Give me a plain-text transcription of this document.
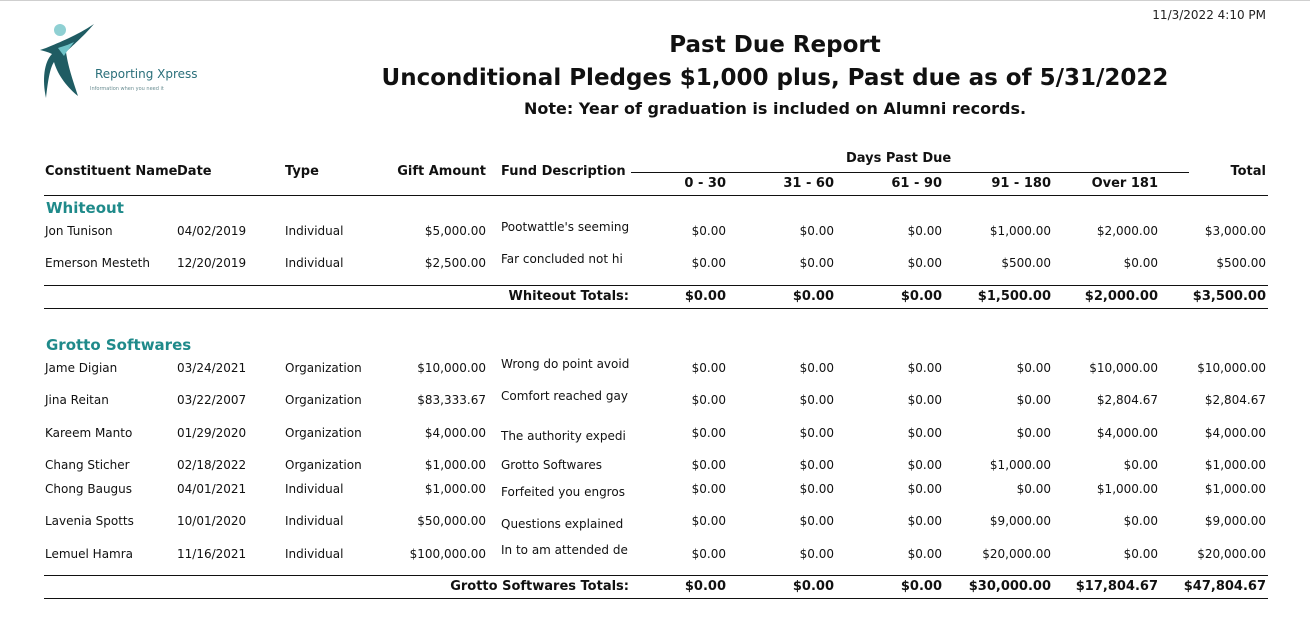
11/3/2022 4:10 PM
Reporting Xpress
Information when you need it
Past Due Report
Unconditional Pledges $1,000 plus, Past due as of 5/31/2022
Note: Year of graduation is included on Alumni records.
Constituent Name Date	Type	Gift Amount Fund Description
Days Past Due
0 - 30	31 - 60	61 - 90	91 - 180	Over 181
Total
Whiteout
Jon Tunison	04/02/2019	Individual	$5,000.00 Pootwattle's seeming	$0.00	$0.00	$0.00	$1,000.00	$2,000.00	$3,000.00
Emerson Mesteth 12/20/2019	Individual	$2,500.00 Far concluded not hi	$0.00	$0.00	$0.00	$500.00	$0.00	$500.00
Whiteout Totals:	$0.00	$0.00	$0.00	$1,500.00	$2,000.00	$3,500.00
Grotto Softwares
Jame Digian	03/24/2021	Organization	$10,000.00 Wrong do point avoid	$0.00	$0.00	$0.00	$0.00	$10,000.00	$10,000.00
Jina Reitan	03/22/2007	Organization	$83,333.67 Comfort reached gay	$0.00	$0.00	$0.00	$0.00	$2,804.67	$2,804.67
Kareem Manto	01/29/2020	Organization	$4,000.00 The authority expedi	$0.00	$0.00	$0.00	$0.00	$4,000.00	$4,000.00
Chang Sticher	02/18/2022	Organization	$1,000.00 Grotto Softwares	$0.00	$0.00	$0.00	$1,000.00	$0.00	$1,000.00
Chong Baugus	04/01/2021	Individual	$1,000.00 Forfeited you engros	$0.00	$0.00	$0.00	$0.00	$1,000.00	$1,000.00
Lavenia Spotts	10/01/2020	Individual	$50,000.00 Questions explained	$0.00	$0.00	$0.00	$9,000.00	$0.00	$9,000.00
Lemuel Hamra	11/16/2021	Individual	$100,000.00 In to am attended de	$0.00	$0.00	$0.00	$20,000.00	$0.00	$20,000.00
Grotto Softwares Totals:	$0.00	$0.00	$0.00 $30,000.00 $17,804.67 $47,804.67
